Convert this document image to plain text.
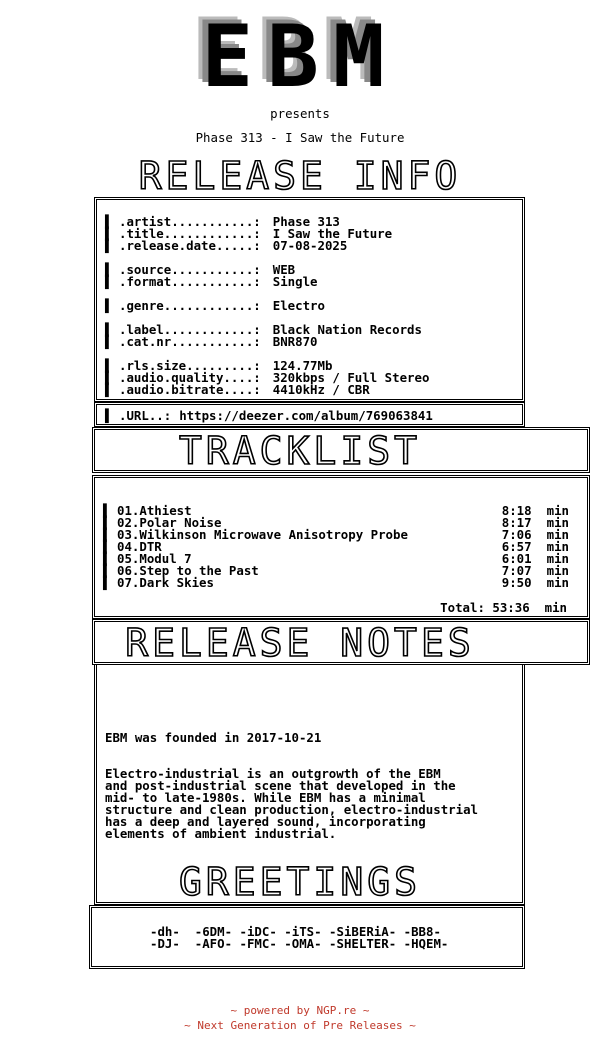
EBM
presents
Phase 313 - I Saw the Future
RELEASE INFO
▌ .artist...........: Phase 313
▌ .title............: I Saw the Future
▌ .release.date.....: 07-08-2025
▌ .source...........: WEB
▌ .format...........: Single
▌ .genre............: Electro
▌ .label............: Black Nation Records
▌ .cat.nr...........: BNR870
▌ .rls.size.........: 124.77Mb
▌ .audio.quality....: 320kbps / Full Stereo
▌ .audio.bitrate....: 4410kHz / CBR
▌ .URL..: https://deezer.com/album/769063841
TRACKLIST
▌ 01.Athiest	8:18 min
▌ 02.Polar Noise	8:17 min
▌ 03.Wilkinson Microwave Anisotropy Probe	7:06 min
▌ 04.DTR	6:57 min
▌ 05.Modul 7	6:01 min
▌ 06.Step to the Past	7:07 min
▌ 07.Dark Skies	9:50 min
Total: 53:36  min
RELEASE NOTES
EBM was founded in 2017-10-21
Electro-industrial is an outgrowth of the EBM
and post-industrial scene that developed in the
mid- to late-1980s. While EBM has a minimal
structure and clean production, electro-industrial
has a deep and layered sound, incorporating
elements of ambient industrial.
GREETINGS
-dh-  -6DM- -iDC- -iTS- -SiBERiA- -BB8-
-DJ-  -AFO- -FMC- -OMA- -SHELTER- -HQEM-
~ powered by NGP.re ~
~ Next Generation of Pre Releases ~
